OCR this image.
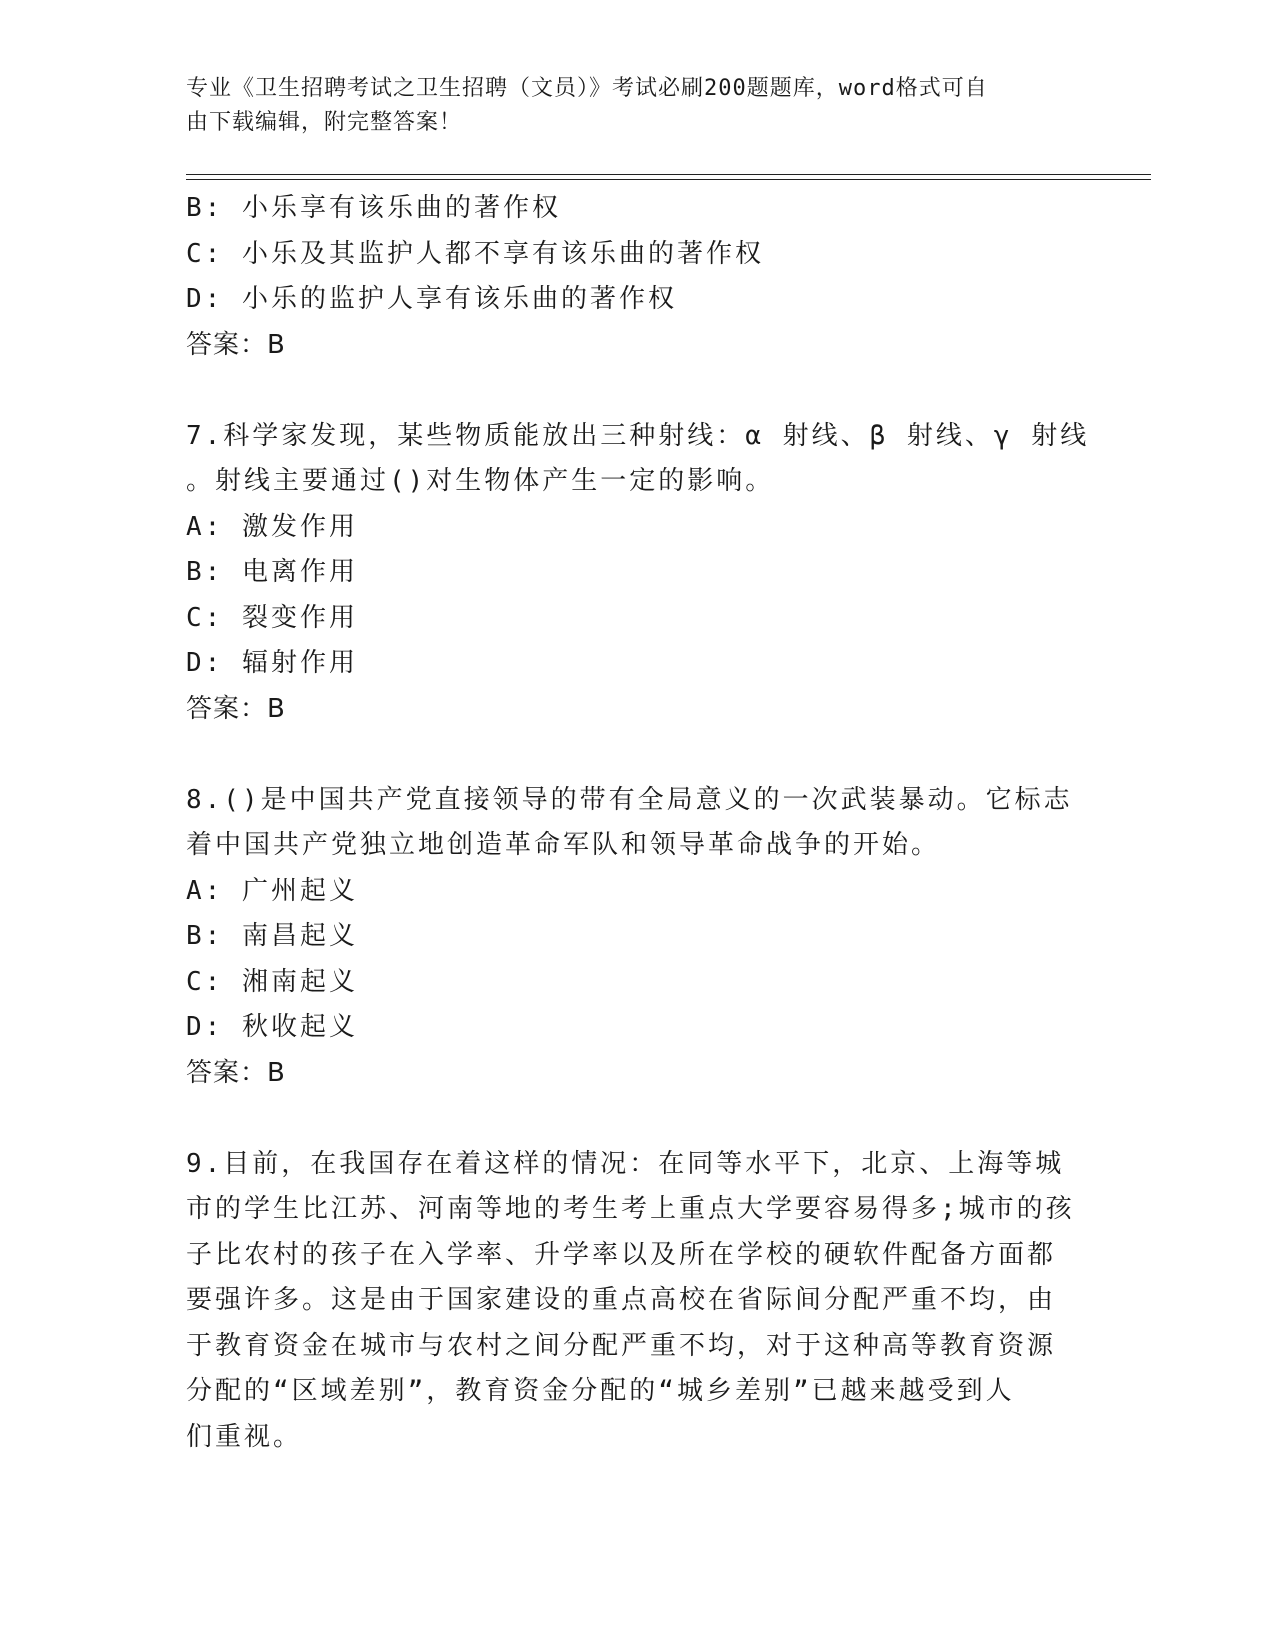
专业《卫生招聘考试之卫生招聘（文员）》考试必刷200题题库，word格式可自
由下载编辑，附完整答案！
B: 小乐享有该乐曲的著作权
C: 小乐及其监护人都不享有该乐曲的著作权
D: 小乐的监护人享有该乐曲的著作权
答案：B
7.科学家发现，某些物质能放出三种射线：α 射线、β 射线、γ 射线
。射线主要通过()对生物体产生一定的影响。
A: 激发作用
B: 电离作用
C: 裂变作用
D: 辐射作用
答案：B
8.()是中国共产党直接领导的带有全局意义的一次武装暴动。它标志
着中国共产党独立地创造革命军队和领导革命战争的开始。
A: 广州起义
B: 南昌起义
C: 湘南起义
D: 秋收起义
答案：B
9.目前，在我国存在着这样的情况：在同等水平下，北京、上海等城
市的学生比江苏、河南等地的考生考上重点大学要容易得多;城市的孩
子比农村的孩子在入学率、升学率以及所在学校的硬软件配备方面都
要强许多。这是由于国家建设的重点高校在省际间分配严重不均，由
于教育资金在城市与农村之间分配严重不均，对于这种高等教育资源
分配的“区域差别”，教育资金分配的“城乡差别”已越来越受到人
们重视。
